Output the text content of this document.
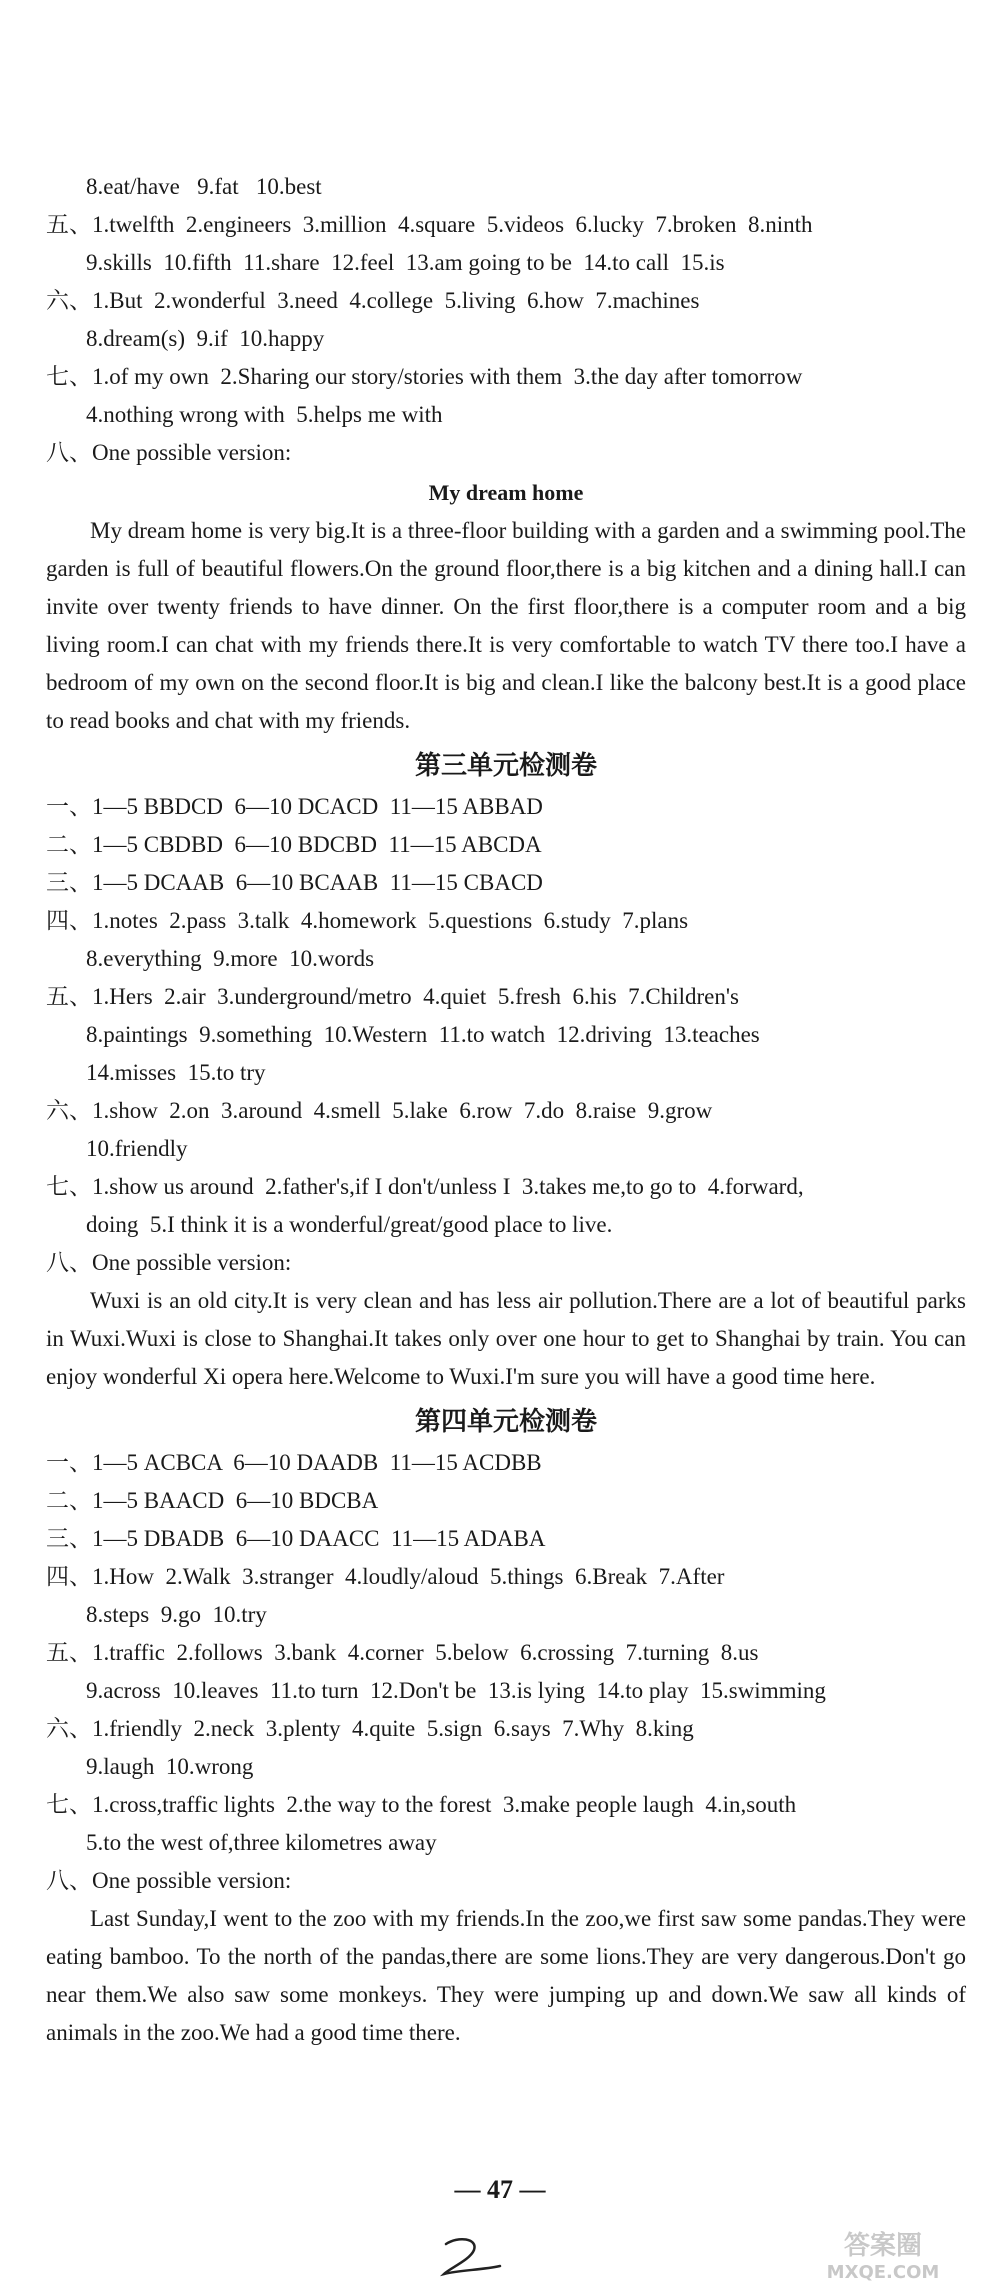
8.eat/have   9.fat   10.best
五、1.twelfth  2.engineers  3.million  4.square  5.videos  6.lucky  7.broken  8.ninth
9.skills  10.fifth  11.share  12.feel  13.am going to be  14.to call  15.is
六、1.But  2.wonderful  3.need  4.college  5.living  6.how  7.machines
8.dream(s)  9.if  10.happy
七、1.of my own  2.Sharing our story/stories with them  3.the day after tomorrow
4.nothing wrong with  5.helps me with
八、One possible version:
My dream home
My dream home is very big.It is a three-floor building with a garden and a swimming pool.The garden is full of beautiful flowers.On the ground floor,there is a big kitchen and a dining hall.I can invite over twenty friends to have dinner. On the first floor,there is a computer room and a big living room.I can chat with my friends there.It is very comfortable to watch TV there too.I have a bedroom of my own on the second floor.It is big and clean.I like the balcony best.It is a good place to read books and chat with my friends.
第三单元检测卷
一、1—5 BBDCD  6—10 DCACD  11—15 ABBAD
二、1—5 CBDBD  6—10 BDCBD  11—15 ABCDA
三、1—5 DCAAB  6—10 BCAAB  11—15 CBACD
四、1.notes  2.pass  3.talk  4.homework  5.questions  6.study  7.plans
8.everything  9.more  10.words
五、1.Hers  2.air  3.underground/metro  4.quiet  5.fresh  6.his  7.Children's
8.paintings  9.something  10.Western  11.to watch  12.driving  13.teaches
14.misses  15.to try
六、1.show  2.on  3.around  4.smell  5.lake  6.row  7.do  8.raise  9.grow
10.friendly
七、1.show us around  2.father's,if I don't/unless I  3.takes me,to go to  4.forward,
doing  5.I think it is a wonderful/great/good place to live.
八、One possible version:
Wuxi is an old city.It is very clean and has less air pollution.There are a lot of beautiful parks in Wuxi.Wuxi is close to Shanghai.It takes only over one hour to get to Shanghai by train. You can enjoy wonderful Xi opera here.Welcome to Wuxi.I'm sure you will have a good time here.
第四单元检测卷
一、1—5 ACBCA  6—10 DAADB  11—15 ACDBB
二、1—5 BAACD  6—10 BDCBA
三、1—5 DBADB  6—10 DAACC  11—15 ADABA
四、1.How  2.Walk  3.stranger  4.loudly/aloud  5.things  6.Break  7.After
8.steps  9.go  10.try
五、1.traffic  2.follows  3.bank  4.corner  5.below  6.crossing  7.turning  8.us
9.across  10.leaves  11.to turn  12.Don't be  13.is lying  14.to play  15.swimming
六、1.friendly  2.neck  3.plenty  4.quite  5.sign  6.says  7.Why  8.king
9.laugh  10.wrong
七、1.cross,traffic lights  2.the way to the forest  3.make people laugh  4.in,south
5.to the west of,three kilometres away
八、One possible version:
Last Sunday,I went to the zoo with my friends.In the zoo,we first saw some pandas.They were eating bamboo. To the north of the pandas,there are some lions.They are very dangerous.Don't go near them.We also saw some monkeys. They were jumping up and down.We saw all kinds of animals in the zoo.We had a good time there.
— 47 —
答案圈
MXQE.COM
